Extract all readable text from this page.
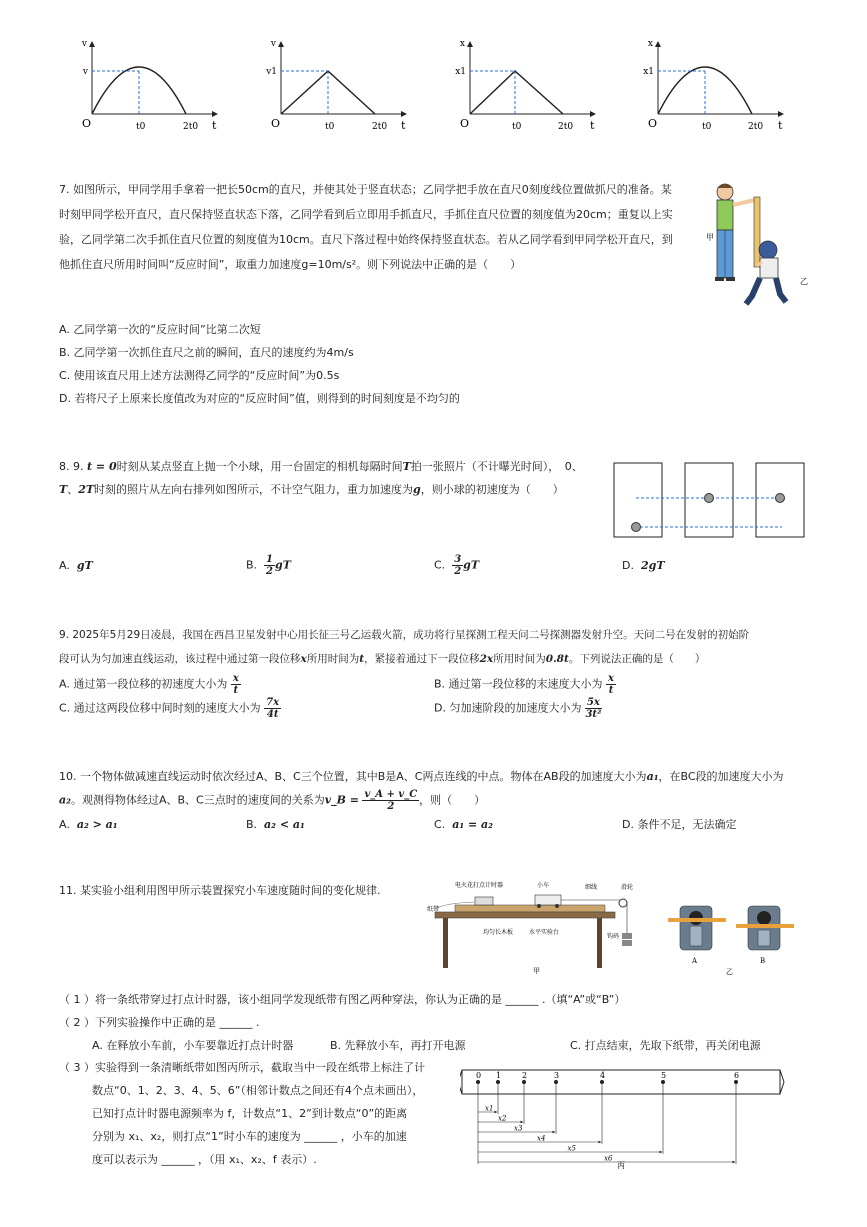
v
v
O	t0	2t0 t
v
v1
O	t0	2t0 t
x
x1
O	t0	2t0 t
x
x1
O	t0	2t0 t
7. 如图所示，甲同学用手拿着一把长50cm的直尺，并使其处于竖直状态；乙同学把手放在直尺0刻度线位置做抓尺的准备。某
时刻甲同学松开直尺，直尺保持竖直状态下落，乙同学看到后立即用手抓直尺，手抓住直尺位置的刻度值为20cm；重复以上实
验，乙同学第二次手抓住直尺位置的刻度值为10cm。直尺下落过程中始终保持竖直状态。若从乙同学看到甲同学松开直尺，到
他抓住直尺所用时间叫“反应时间”，取重力加速度g=10m/s²。则下列说法中正确的是（　　）
甲
乙
A. 乙同学第一次的“反应时间”比第二次短
B. 乙同学第一次抓住直尺之前的瞬间，直尺的速度约为4m/s
C. 使用该直尺用上述方法测得乙同学的“反应时间”为0.5s
D. 若将尺子上原来长度值改为对应的“反应时间”值，则得到的时间刻度是不均匀的
8. 9. t = 0时刻从某点竖直上抛一个小球，用一台固定的相机每隔时间T拍一张照片（不计曝光时间），　 0、
T、2T时刻的照片从左向右排列如图所示，不计空气阻力，重力加速度为g，则小球的初速度为（　　）
A. gT	B. $\frac{1}{2}$ gT	C. $\frac{3}{2}$ gT	D. 2gT
9. 2025年5月29日凌晨，我国在西昌卫星发射中心用长征三号乙运载火箭，成功将行星探测工程天问二号探测器发射升空。天问二号在发射的初始阶
段可认为匀加速直线运动，该过程中通过第一段位移x所用时间为t，紧接着通过下一段位移2x所用时间为0.8t。下列说法正确的是（　　）
A. 通过第一段位移的初速度大小为 $\frac{x}{t}$	B. 通过第一段位移的末速度大小为 $\frac{x}{t}$
C. 通过这两段位移中间时刻的速度大小为 $\frac{7x}{4t}$	D. 匀加速阶段的加速度大小为 $\frac{5x}{\text{3t²}}$
10. 一个物体做减速直线运动时依次经过A、B、C三个位置，其中B是A、C两点连线的中点。物体在AB段的加速度大小为a₁，在BC段的加速度大小为
a₂。观测得物体经过A、B、C三点时的速度间的关系为v_B = $\frac{v\_A + v\_C}{2}$ ，则（　　）
A. a₂ > a₁	B. a₂ < a₁	C. a₁ = a₂	D. 条件不足，无法确定
11. 某实验小组利用图甲所示装置探究小车速度随时间的变化规律.	电火花打点计时器	小车	细线	滑轮
纸带
均匀长木板	水平实验台
钩码
甲
A	B
乙
（ 1 ）将一条纸带穿过打点计时器，该小组同学发现纸带有图乙两种穿法，你认为正确的是 ______ .（填“A”或“B”）
（ 2 ）下列实验操作中正确的是 ______ .
A. 在释放小车前，小车要靠近打点计时器	B. 先释放小车，再打开电源	C. 打点结束，先取下纸带，再关闭电源
（ 3 ）实验得到一条清晰纸带如图丙所示，截取当中一段在纸带上标注了计
数点“0、1、2、3、4、5、6”（相邻计数点之间还有4个点未画出），
已知打点计时器电源频率为 f，计数点“1、2”到计数点“0”的距离
分别为 x₁、x₂，则打点“1”时小车的速度为 ______ ，小车的加速
度可以表示为 ______ ，（用 x₁、x₂、f 表示）.
0 1	2	3	4	5	6
x1
x2
x3
x4
x5
x6
丙
